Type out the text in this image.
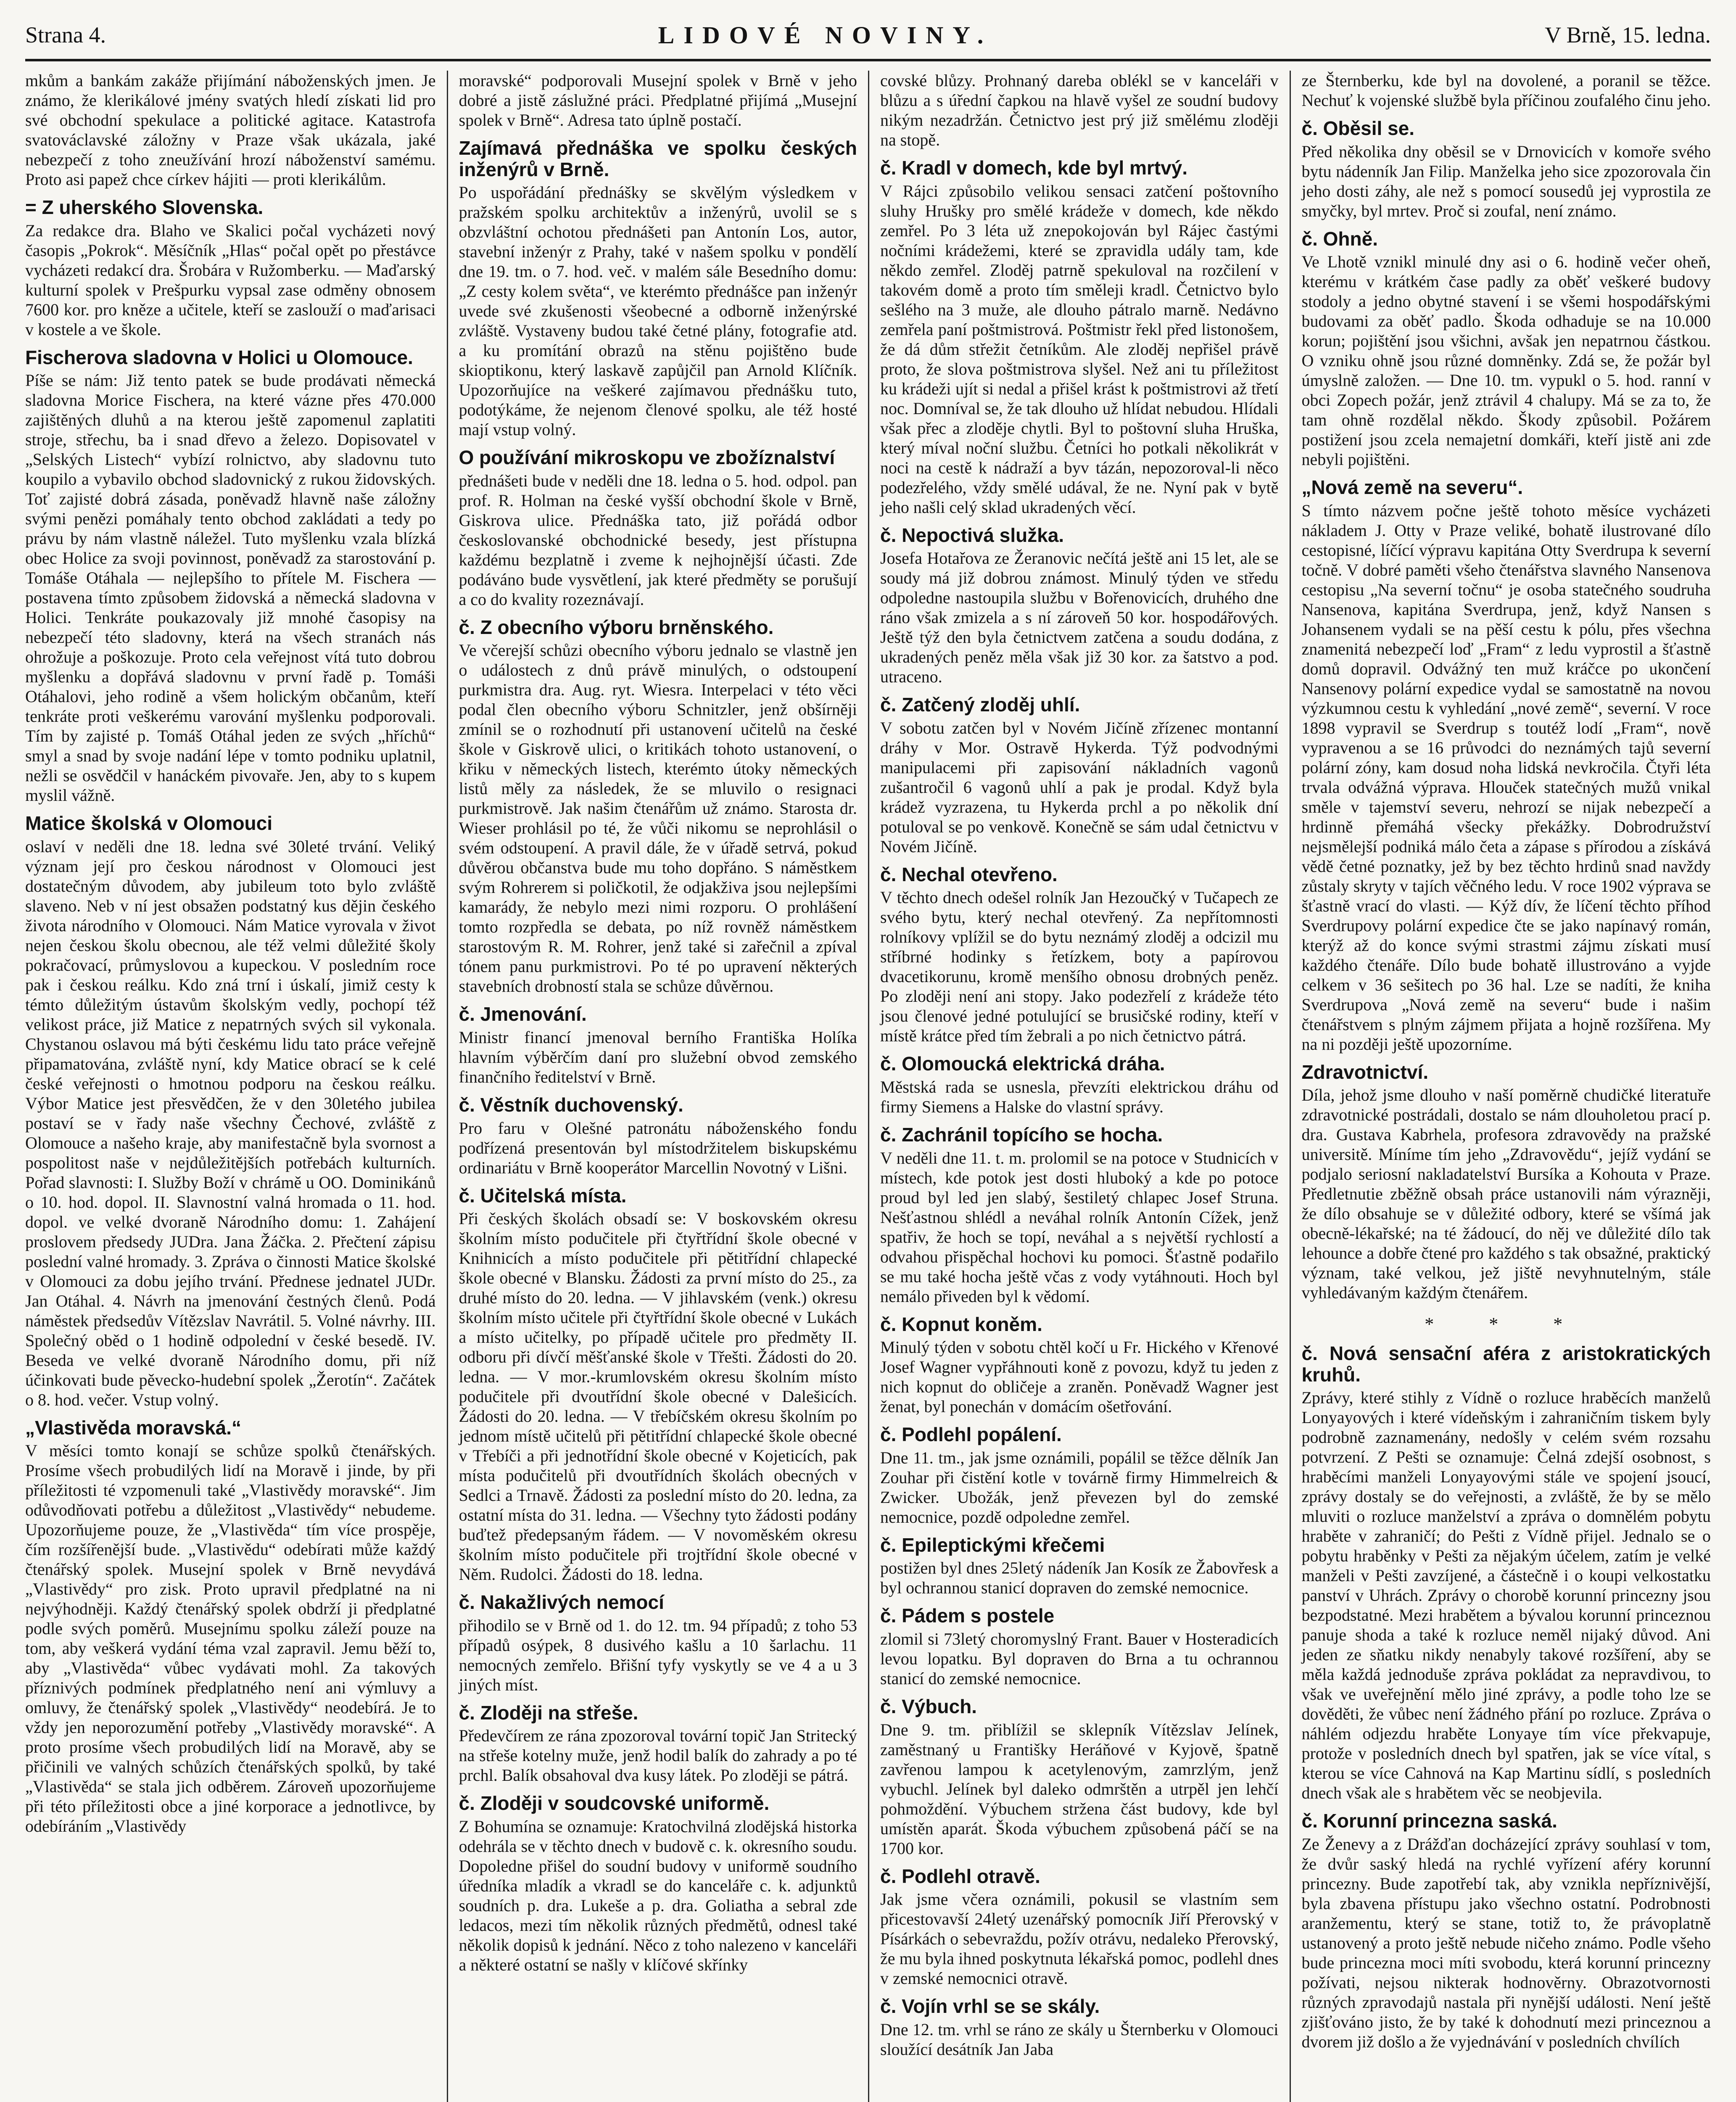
Strana 4.	LIDOVÉ NOVINY.	V Brně, 15. ledna.

mkům a bankám zakáže přijímání náboženských jmen. Je známo, že klerikálové jmény svatých hledí získati lid pro své obchodní spekulace a politické agitace. Katastrofa svatováclavské záložny v Praze však ukázala, jaké nebezpečí z toho zneužívání hrozí náboženství samému. Proto asi papež chce církev hájiti — proti klerikálům.

= Z uherského Slovenska.

Za redakce dra. Blaho ve Skalici počal vycházeti nový časopis „Pokrok“. Měsíčník „Hlas“ počal opět po přestávce vycházeti redakcí dra. Šrobára v Ružomberku. — Maďarský kulturní spolek v Prešpurku vypsal zase odměny obnosem 7600 kor. pro kněze a učitele, kteří se zaslouží o maďarisaci v kostele a ve škole.

Fischerova sladovna v Holici u Olomouce.

Píše se nám: Již tento patek se bude prodávati německá sladovna Morice Fischera, na které vázne přes 470.000 zajištěných dluhů a na kterou ještě zapomenul zaplatiti stroje, střechu, ba i snad dřevo a železo. Dopisovatel v „Selských Listech“ vybízí rolnictvo, aby sladovnu tuto koupilo a vybavilo obchod sladovnický z rukou židovských. Toť zajisté dobrá zásada, poněvadž hlavně naše záložny svými penězi pomáhaly tento obchod zakládati a tedy po právu by nám vlastně náležel. Tuto myšlenku vzala blízká obec Holice za svoji povinnost, poněvadž za starostování p. Tomáše Otáhala — nejlepšího to přítele M. Fischera — postavena tímto způsobem židovská a německá sladovna v Holici. Tenkráte poukazovaly již mnohé časopisy na nebezpečí této sladovny, která na všech stranách nás ohrožuje a poškozuje. Proto cela veřejnost vítá tuto dobrou myšlenku a dopřává sladovnu v první řadě p. Tomáši Otáhalovi, jeho rodině a všem holickým občanům, kteří tenkráte proti veškerému varování myšlenku podporovali. Tím by zajisté p. Tomáš Otáhal jeden ze svých „hříchů“ smyl a snad by svoje nadání lépe v tomto podniku uplatnil, nežli se osvědčil v hanáckém pivovaře. Jen, aby to s kupem myslil vážně.

Matice školská v Olomouci

oslaví v neděli dne 18. ledna své 30leté trvání. Veliký význam její pro českou národnost v Olomouci jest dostatečným důvodem, aby jubileum toto bylo zvláště slaveno. Neb v ní jest obsažen podstatný kus dějin českého života národního v Olomouci. Nám Matice vyrovala v život nejen českou školu obecnou, ale též velmi důležité školy pokračovací, průmyslovou a kupeckou. V posledním roce pak i českou reálku. Kdo zná trní i úskalí, jimiž cesty k témto důležitým ústavům školským vedly, pochopí též velikost práce, již Matice z nepatrných svých sil vykonala. Chystanou oslavou má býti českému lidu tato práce veřejně připamatována, zvláště nyní, kdy Matice obrací se k celé české veřejnosti o hmotnou podporu na českou reálku. Výbor Matice jest přesvědčen, že v den 30letého jubilea postaví se v řady naše všechny Čechové, zvláště z Olomouce a našeho kraje, aby manifestačně byla svornost a pospolitost naše v nejdůležitějších potřebách kulturních. Pořad slavnosti: I. Služby Boží v chrámě u OO. Dominikánů o 10. hod. dopol. II. Slavnostní valná hromada o 11. hod. dopol. ve velké dvoraně Národního domu: 1. Zahájení proslovem předsedy JUDra. Jana Žáčka. 2. Přečtení zápisu poslední valné hromady. 3. Zpráva o činnosti Matice školské v Olomouci za dobu jejího trvání. Přednese jednatel JUDr. Jan Otáhal. 4. Návrh na jmenování čestných členů. Podá náměstek předsedův Vítězslav Navrátil. 5. Volné návrhy. III. Společný oběd o 1 hodině odpolední v české besedě. IV. Beseda ve velké dvoraně Národního domu, při níž účinkovati bude pěvecko-hudební spolek „Žerotín“. Začátek o 8. hod. večer. Vstup volný.

„Vlastivěda moravská.“

V měsíci tomto konají se schůze spolků čtenářských. Prosíme všech probudilých lidí na Moravě i jinde, by při příležitosti té vzpomenuli také „Vlastivědy moravské“. Jim odůvodňovati potřebu a důležitost „Vlastivědy“ nebudeme. Upozorňujeme pouze, že „Vlastivěda“ tím více prospěje, čím rozšířenější bude. „Vlastivědu“ odebírati může každý čtenářský spolek. Musejní spolek v Brně nevydává „Vlastivědy“ pro zisk. Proto upravil předplatné na ni nejvýhodněji. Každý čtenářský spolek obdrží ji předplatné podle svých poměrů. Musejnímu spolku záleží pouze na tom, aby veškerá vydání téma vzal zapravil. Jemu běží to, aby „Vlastivěda“ vůbec vydávati mohl. Za takových příznivých podmínek předplatného není ani výmluvy a omluvy, že čtenářský spolek „Vlastivědy“ neodebírá. Je to vždy jen neporozumění potřeby „Vlastivědy moravské“. A proto prosíme všech probudilých lidí na Moravě, aby se přičinili ve valných schůzích čtenářských spolků, by také „Vlastivěda“ se stala jich odběrem. Zároveň upozorňujeme při této příležitosti obce a jiné korporace a jednotlivce, by odebíráním „Vlastivědy

moravské“ podporovali Musejní spolek v Brně v jeho dobré a jistě záslužné práci. Předplatné přijímá „Musejní spolek v Brně“. Adresa tato úplně postačí.

Zajímavá přednáška ve spolku českých inženýrů v Brně.

Po uspořádání přednášky se skvělým výsledkem v pražském spolku architektův a inženýrů, uvolil se s obzvláštní ochotou přednášeti pan Antonín Los, autor, stavební inženýr z Prahy, také v našem spolku v pondělí dne 19. tm. o 7. hod. več. v malém sále Besedního domu: „Z cesty kolem světa“, ve kterémto přednášce pan inženýr uvede své zkušenosti všeobecné a odborně inženýrské zvláště. Vystaveny budou také četné plány, fotografie atd. a ku promítání obrazů na stěnu pojištěno bude skioptikonu, který laskavě zapůjčil pan Arnold Klíčník. Upozorňujíce na veškeré zajímavou přednášku tuto, podotýkáme, že nejenom členové spolku, ale též hosté mají vstup volný.

O používání mikroskopu ve zbožíznalství

přednášeti bude v neděli dne 18. ledna o 5. hod. odpol. pan prof. R. Holman na české vyšší obchodní škole v Brně, Giskrova ulice. Přednáška tato, již pořádá odbor českoslovanské obchodnické besedy, jest přístupna každému bezplatně i zveme k nejhojnější účasti. Zde podáváno bude vysvětlení, jak které předměty se porušují a co do kvality rozeznávají.

č. Z obecního výboru brněnského.

Ve včerejší schůzi obecního výboru jednalo se vlastně jen o událostech z dnů právě minulých, o odstoupení purkmistra dra. Aug. ryt. Wiesra. Interpelaci v této věci podal člen obecního výboru Schnitzler, jenž obšírněji zmínil se o rozhodnutí při ustanovení učitelů na české škole v Giskrově ulici, o kritikách tohoto ustanovení, o křiku v německých listech, kterémto útoky německých listů měly za následek, že se mluvilo o resignaci purkmistrově. Jak našim čtenářům už známo. Starosta dr. Wieser prohlásil po té, že vůči nikomu se neprohlásil o svém odstoupení. A pravil dále, že v úřadě setrvá, pokud důvěrou občanstva bude mu toho dopřáno. S náměstkem svým Rohrerem si poličkotil, že odjakživa jsou nejlepšími kamarády, že nebylo mezi nimi rozporu. O prohlášení tomto rozpředla se debata, po níž rovněž náměstkem starostovým R. M. Rohrer, jenž také si zařečnil a zpíval tónem panu purkmistrovi. Po té po upravení některých stavebních drobností stala se schůze důvěrnou.

č. Jmenování.

Ministr financí jmenoval berního Františka Holíka hlavním výběrčím daní pro služební obvod zemského finančního ředitelství v Brně.

č. Věstník duchovenský.

Pro faru v Olešné patronátu náboženského fondu podřízená presentován byl místodržitelem biskupskému ordinariátu v Brně kooperátor Marcellin Novotný v Lišni.

č. Učitelská místa.

Při českých školách obsadí se: V boskovském okresu školním místo podučitele při čtyřtřídní škole obecné v Knihnicích a místo podučitele při pětitřídní chlapecké škole obecné v Blansku. Žádosti za první místo do 25., za druhé místo do 20. ledna. — V jihlavském (venk.) okresu školním místo učitele při čtyřtřídní škole obecné v Lukách a místo učitelky, po případě učitele pro předměty II. odboru při dívčí měšťanské škole v Třešti. Žádosti do 20. ledna. — V mor.-krumlovském okresu školním místo podučitele při dvoutřídní škole obecné v Dalešicích. Žádosti do 20. ledna. — V třebíčském okresu školním po jednom místě učitelů při pětitřídní chlapecké škole obecné v Třebíči a při jednotřídní škole obecné v Kojeticích, pak místa podučitelů při dvoutřídních školách obecných v Sedlci a Trnavě. Žádosti za poslední místo do 20. ledna, za ostatní místa do 31. ledna. — Všechny tyto žádosti podány buďtež předepsaným řádem. — V novoměském okresu školním místo podučitele při trojtřídní škole obecné v Něm. Rudolci. Žádosti do 18. ledna.

č. Nakažlivých nemocí

přihodilo se v Brně od 1. do 12. tm. 94 případů; z toho 53 případů osýpek, 8 dusivého kašlu a 10 šarlachu. 11 nemocných zemřelo. Břišní tyfy vyskytly se ve 4 a u 3 jiných míst.

č. Zloději na střeše.

Předevčírem ze rána zpozoroval tovární topič Jan Stritecký na střeše kotelny muže, jenž hodil balík do zahrady a po té prchl. Balík obsahoval dva kusy látek. Po zloději se pátrá.

č. Zloději v soudcovské uniformě.

Z Bohumína se oznamuje: Kratochvilná zlodějská historka odehrála se v těchto dnech v budově c. k. okresního soudu. Dopoledne přišel do soudní budovy v uniformě soudního úředníka mladík a vkradl se do kanceláře c. k. adjunktů soudních p. dra. Lukeše a p. dra. Goliatha a sebral zde ledacos, mezi tím několik různých předmětů, odnesl také několik dopisů k jednání. Něco z toho nalezeno v kanceláři a některé ostatní se našly v klíčové skřínky

covské blůzy. Prohnaný dareba oblékl se v kanceláři v blůzu a s úřední čapkou na hlavě vyšel ze soudní budovy nikým nezadržán. Četnictvo jest prý již smělému zloději na stopě.

č. Kradl v domech, kde byl mrtvý.

V Rájci způsobilo velikou sensaci zatčení poštovního sluhy Hrušky pro smělé krádeže v domech, kde někdo zemřel. Po 3 léta už znepokojován byl Rájec častými nočními krádežemi, které se zpravidla udály tam, kde někdo zemřel. Zloděj patrně spekuloval na rozčilení v takovém domě a proto tím směleji kradl. Četnictvo bylo sešlého na 3 muže, ale dlouho pátralo marně. Nedávno zemřela paní poštmistrová. Poštmistr řekl před listonošem, že dá dům střežit četníkům. Ale zloděj nepřišel právě proto, že slova poštmistrova slyšel. Než ani tu příležitost ku krádeži ujít si nedal a přišel krást k poštmistrovi až třetí noc. Domníval se, že tak dlouho už hlídat nebudou. Hlídali však přec a zloděje chytli. Byl to poštovní sluha Hruška, který míval noční službu. Četníci ho potkali několikrát v noci na cestě k nádraží a byv tázán, nepozoroval-li něco podezřelého, vždy smělé udával, že ne. Nyní pak v bytě jeho našli celý sklad ukradených věcí.

č. Nepoctivá služka.

Josefa Hotařova ze Žeranovic nečítá ještě ani 15 let, ale se soudy má již dobrou známost. Minulý týden ve středu odpoledne nastoupila službu v Bořenovicích, druhého dne ráno však zmizela a s ní zároveň 50 kor. hospodářových. Ještě týž den byla četnictvem zatčena a soudu dodána, z ukradených peněz měla však již 30 kor. za šatstvo a pod. utraceno.

č. Zatčený zloděj uhlí.

V sobotu zatčen byl v Novém Jičíně zřízenec montanní dráhy v Mor. Ostravě Hykerda. Týž podvodnými manipulacemi při zapisování nákladních vagonů zušantročil 6 vagonů uhlí a pak je prodal. Když byla krádež vyzrazena, tu Hykerda prchl a po několik dní potuloval se po venkově. Konečně se sám udal četnictvu v Novém Jičíně.

č. Nechal otevřeno.

V těchto dnech odešel rolník Jan Hezoučký v Tučapech ze svého bytu, který nechal otevřený. Za nepřítomnosti rolníkovy vplížil se do bytu neznámý zloděj a odcizil mu stříbrné hodinky s řetízkem, boty a papírovou dvacetikorunu, kromě menšího obnosu drobných peněz. Po zloději není ani stopy. Jako podezřelí z krádeže této jsou členové jedné potulující se brusičské rodiny, kteří v místě krátce před tím žebrali a po nich četnictvo pátrá.

č. Olomoucká elektrická dráha.

Městská rada se usnesla, převzíti elektrickou dráhu od firmy Siemens a Halske do vlastní správy.

č. Zachránil topícího se hocha.

V neděli dne 11. t. m. prolomil se na potoce v Studnicích v místech, kde potok jest dosti hluboký a kde po potoce proud byl led jen slabý, šestiletý chlapec Josef Struna. Nešťastnou shlédl a neváhal rolník Antonín Cížek, jenž spatřiv, že hoch se topí, neváhal a s největší rychlostí a odvahou přispěchal hochovi ku pomoci. Šťastně podařilo se mu také hocha ještě včas z vody vytáhnouti. Hoch byl nemálo přiveden byl k vědomí.

č. Kopnut koněm.

Minulý týden v sobotu chtěl kočí u Fr. Hického v Křenové Josef Wagner vypřáhnouti koně z povozu, když tu jeden z nich kopnut do obličeje a zraněn. Poněvadž Wagner jest ženat, byl ponechán v domácím ošetřování.

č. Podlehl popálení.

Dne 11. tm., jak jsme oznámili, popálil se těžce dělník Jan Zouhar při čistění kotle v továrně firmy Himmelreich & Zwicker. Ubožák, jenž převezen byl do zemské nemocnice, pozdě odpoledne zemřel.

č. Epileptickými křečemi

postižen byl dnes 25letý nádeník Jan Kosík ze Žabovřesk a byl ochrannou stanicí dopraven do zemské nemocnice.

č. Pádem s postele

zlomil si 73letý choromyslný Frant. Bauer v Hosteradicích levou lopatku. Byl dopraven do Brna a tu ochrannou stanicí do zemské nemocnice.

č. Výbuch.

Dne 9. tm. přiblížil se sklepník Vítězslav Jelínek, zaměstnaný u Františky Heráňové v Kyjově, špatně zavřenou lampou k acetylenovým, zamrzlým, jenž vybuchl. Jelínek byl daleko odmrštěn a utrpěl jen lehčí pohmoždění. Výbuchem stržena část budovy, kde byl umístěn aparát. Škoda výbuchem způsobená páčí se na 1700 kor.

č. Podlehl otravě.

Jak jsme včera oznámili, pokusil se vlastním sem přicestovavší 24letý uzenářský pomocník Jiří Přerovský v Písárkách o sebevraždu, požív otrávu, nedaleko Přerovský, že mu byla ihned poskytnuta lékařská pomoc, podlehl dnes v zemské nemocnici otravě.

č. Vojín vrhl se se skály.

Dne 12. tm. vrhl se ráno ze skály u Šternberku v Olomouci sloužící desátník Jan Jaba

ze Šternberku, kde byl na dovolené, a poranil se těžce. Nechuť k vojenské službě byla příčinou zoufalého činu jeho.

č. Oběsil se.

Před několika dny oběsil se v Drnovicích v komoře svého bytu nádenník Jan Filip. Manželka jeho sice zpozorovala čin jeho dosti záhy, ale než s pomocí sousedů jej vyprostila ze smyčky, byl mrtev. Proč si zoufal, není známo.

č. Ohně.

Ve Lhotě vznikl minulé dny asi o 6. hodině večer oheň, kterému v krátkém čase padly za oběť veškeré budovy stodoly a jedno obytné stavení i se všemi hospodářskými budovami za oběť padlo. Škoda odhaduje se na 10.000 korun; pojištění jsou všichni, avšak jen nepatrnou částkou. O vzniku ohně jsou různé domněnky. Zdá se, že požár byl úmyslně založen. — Dne 10. tm. vypukl o 5. hod. ranní v obci Zopech požár, jenž ztrávil 4 chalupy. Má se za to, že tam ohně rozdělal někdo. Škody způsobil. Požárem postižení jsou zcela nemajetní domkáři, kteří jistě ani zde nebyli pojištěni.

„Nová země na severu“.

S tímto názvem počne ještě tohoto měsíce vycházeti nákladem J. Otty v Praze veliké, bohatě ilustrované dílo cestopisné, líčící výpravu kapitána Otty Sverdrupa k severní točně. V dobré paměti všeho čtenářstva slavného Nansenova cestopisu „Na severní točnu“ je osoba statečného soudruha Nansenova, kapitána Sverdrupa, jenž, když Nansen s Johansenem vydali se na pěší cestu k pólu, přes všechna znamenitá nebezpečí loď „Fram“ z ledu vyprostil a šťastně domů dopravil. Odvážný ten muž kráčce po ukončení Nansenovy polární expedice vydal se samostatně na novou výzkumnou cestu k vyhledání „nové země“, severní. V roce 1898 vypravil se Sverdrup s toutéž lodí „Fram“, nově vypravenou a se 16 průvodci do neznámých tajů severní polární zóny, kam dosud noha lidská nevkročila. Čtyři léta trvala odvážná výprava. Hlouček statečných mužů vnikal směle v tajemství severu, nehrozí se nijak nebezpečí a hrdinně přemáhá všecky překážky. Dobrodružství nejsmělejší podniká málo četa a zápase s přírodou a získává vědě četné poznatky, jež by bez těchto hrdinů snad navždy zůstaly skryty v tajích věčného ledu. V roce 1902 výprava se šťastně vrací do vlasti. — Kýž dív, že líčení těchto příhod Sverdrupovy polární expedice čte se jako napínavý román, kterýž až do konce svými strastmi zájmu získati musí každého čtenáře. Dílo bude bohatě illustrováno a vyjde celkem v 36 sešitech po 36 hal. Lze se nadíti, že kniha Sverdrupova „Nová země na severu“ bude i našim čtenářstvem s plným zájmem přijata a hojně rozšířena. My na ni později ještě upozorníme.

Zdravotnictví.

Díla, jehož jsme dlouho v naší poměrně chudičké literatuře zdravotnické postrádali, dostalo se nám dlouholetou prací p. dra. Gustava Kabrhela, profesora zdravovědy na pražské universitě. Míníme tím jeho „Zdravovědu“, jejíž vydání se podjalo seriosní nakladatelství Bursíka a Kohouta v Praze. Předletnutie zběžně obsah práce ustanovili nám výrazněji, že dílo obsahuje se v důležité odbory, které se všímá jak obecně-lékařské; na té žádoucí, do něj ve důležité dílo tak lehounce a dobře čtené pro každého s tak obsažné, praktický význam, také velkou, jež jiště nevyhnutelným, stále vyhledávaným každým čtenářem.

* * *
č. Nová sensační aféra z aristokratických kruhů.

Zprávy, které stihly z Vídně o rozluce hraběcích manželů Lonyayových i které vídeňským i zahraničním tiskem byly podrobně zaznamenány, nedošly v celém svém rozsahu potvrzení. Z Pešti se oznamuje: Čelná zdejší osobnost, s hraběcími manželi Lonyayovými stále ve spojení jsoucí, zprávy dostaly se do veřejnosti, a zvláště, že by se mělo mluviti o rozluce manželství a zpráva o domnělém pobytu hraběte v zahraničí; do Pešti z Vídně přijel. Jednalo se o pobytu hraběnky v Pešti za nějakým účelem, zatím je velké manželi v Pešti zavzíjené, a částečně i o koupi velkostatku panství v Uhrách. Zprávy o chorobě korunní princezny jsou bezpodstatné. Mezi hrabětem a bývalou korunní princeznou panuje shoda a také k rozluce neměl nijaký důvod. Ani jeden ze sňatku nikdy nenabyly takové rozšíření, aby se měla každá jednoduše zpráva pokládat za nepravdivou, to však ve uveřejnění mělo jiné zprávy, a podle toho lze se dověděti, že vůbec není žádného přání po rozluce. Zpráva o náhlém odjezdu hraběte Lonyaye tím více překvapuje, protože v posledních dnech byl spatřen, jak se více vítal, s kterou se více Cahnová na Kap Martinu sídlí, s posledních dnech však ale s hrabětem věc se neobjevila.

č. Korunní princezna saská.

Ze Ženevy a z Drážďan docházející zprávy souhlasí v tom, že dvůr saský hledá na rychlé vyřízení aféry korunní princezny. Bude zapotřebí tak, aby vznikla nepříznivější, byla zbavena přístupu jako všechno ostatní. Podrobnosti aranžementu, který se stane, totiž to, že právoplatně ustanovený a proto ještě nebude ničeho známo. Podle všeho bude princezna moci míti svobodu, která korunní princezny požívati, nejsou nikterak hodnověrny. Obrazotvornosti různých zpravodajů nastala při nynější události. Není ještě zjišťováno jisto, že by také k dohodnutí mezi princeznou a dvorem již došlo a že vyjednávání v posledních chvílích
